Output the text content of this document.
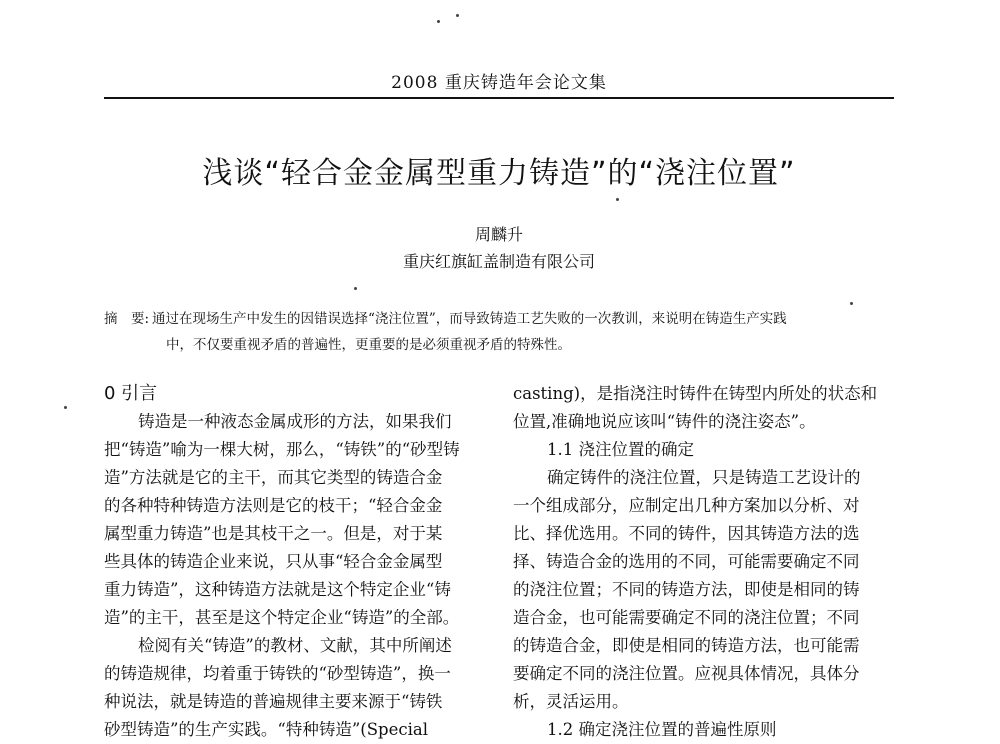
2008 重庆铸造年会论文集
浅谈“轻合金金属型重力铸造”的“浇注位置”
周麟升
重庆红旗缸盖制造有限公司
摘　要: 通过在现场生产中发生的因错误选择“浇注位置”，而导致铸造工艺失败的一次教训，来说明在铸造生产实践
中，不仅要重视矛盾的普遍性，更重要的是必须重视矛盾的特殊性。
0 引言
铸造是一种液态金属成形的方法，如果我们
把“铸造”喻为一棵大树，那么，“铸铁”的“砂型铸
造”方法就是它的主干，而其它类型的铸造合金
的各种特种铸造方法则是它的枝干；“轻合金金
属型重力铸造”也是其枝干之一。但是，对于某
些具体的铸造企业来说，只从事“轻合金金属型
重力铸造”，这种铸造方法就是这个特定企业“铸
造”的主干，甚至是这个特定企业“铸造”的全部。
检阅有关“铸造”的教材、文献，其中所阐述
的铸造规律，均着重于铸铁的“砂型铸造”，换一
种说法，就是铸造的普遍规律主要来源于“铸铁
砂型铸造”的生产实践。“特种铸造”(Special
casting)，是指浇注时铸件在铸型内所处的状态和
位置,准确地说应该叫“铸件的浇注姿态”。
1.1 浇注位置的确定
确定铸件的浇注位置，只是铸造工艺设计的
一个组成部分，应制定出几种方案加以分析、对
比、择优选用。不同的铸件，因其铸造方法的选
择、铸造合金的选用的不同，可能需要确定不同
的浇注位置；不同的铸造方法，即使是相同的铸
造合金，也可能需要确定不同的浇注位置；不同
的铸造合金，即使是相同的铸造方法，也可能需
要确定不同的浇注位置。应视具体情况，具体分
析，灵活运用。
1.2 确定浇注位置的普遍性原则
